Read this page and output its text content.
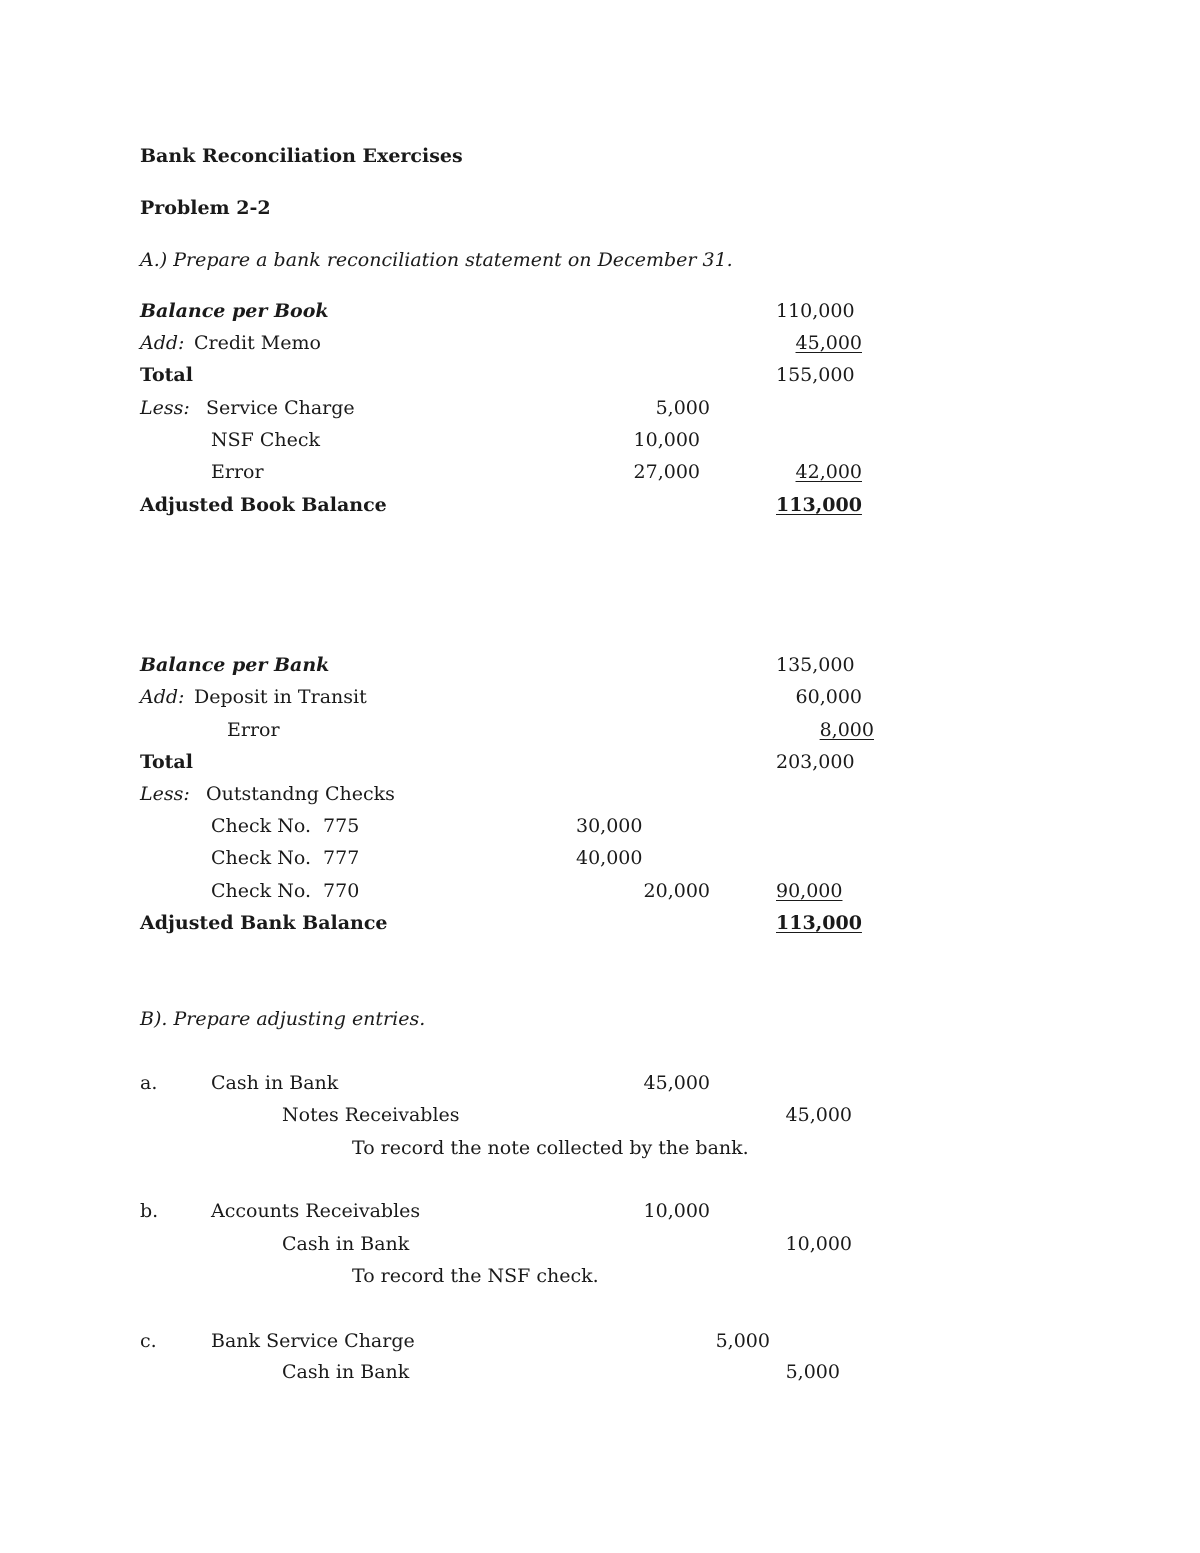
Bank Reconciliation Exercises
Problem 2-2
A.) Prepare a bank reconciliation statement on December 31.
Balance per Book	110,000
Add: Credit Memo	45,000
Total	155,000
Less: Service Charge	5,000
NSF Check	10,000
Error	27,000	42,000
Adjusted Book Balance	113,000
Balance per Bank	135,000
Add: Deposit in Transit	60,000
Error	8,000
Total	203,000
Less: Outstandng Checks
Check No.  775	30,000
Check No.  777	40,000
Check No.  770	20,000	90,000
Adjusted Bank Balance	113,000
B). Prepare adjusting entries.
a.	Cash in Bank	45,000
Notes Receivables	45,000
To record the note collected by the bank.
b.	Accounts Receivables	10,000
Cash in Bank	10,000
To record the NSF check.
c.	Bank Service Charge	5,000
Cash in Bank	5,000
